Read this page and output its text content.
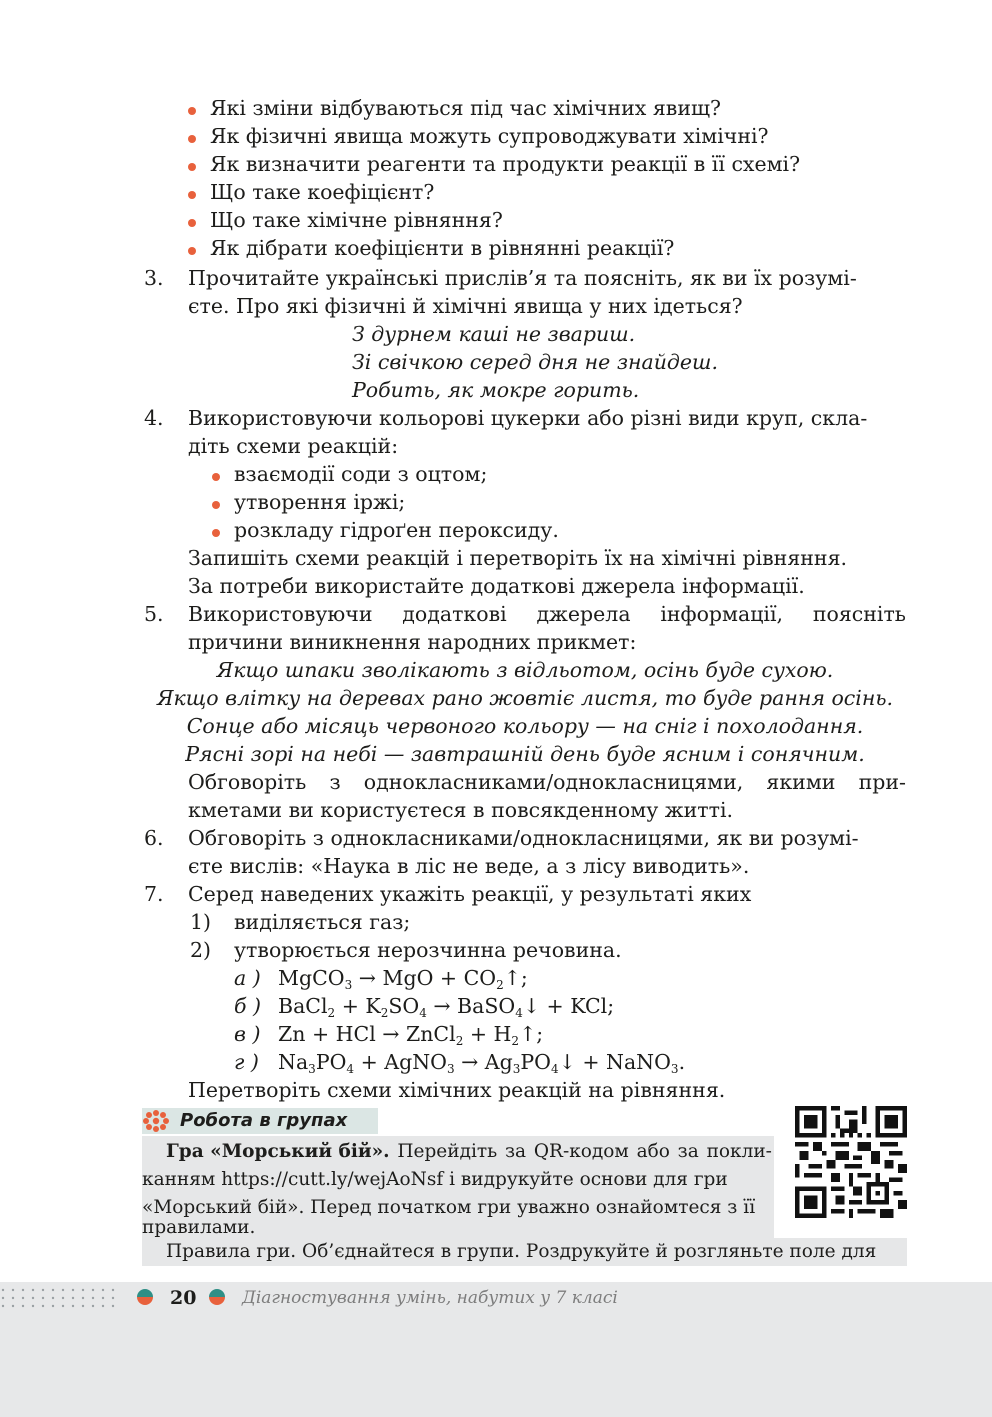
Які зміни відбуваються під час хімічних явищ?
Як фізичні явища можуть супроводжувати хімічні?
Як визначити реагенти та продукти реакції в її схемі?
Що таке коефіцієнт?
Що таке хімічне рівняння?
Як дібрати коефіцієнти в рівнянні реакції?
3. Прочитайте українські прислів’я та поясніть, як ви їх розумі-
єте. Про які фізичні й хімічні явища у них ідеться?
З дурнем каші не звариш.
Зі свічкою серед дня не знайдеш.
Робить, як мокре горить.
4. Використовуючи кольорові цукерки або різні види круп, скла-
діть схеми реакцій:
взаємодії соди з оцтом;
утворення іржі;
розкладу гідроґен пероксиду.
Запишіть схеми реакцій і перетворіть їх на хімічні рівняння.
За потреби використайте додаткові джерела інформації.
5. Використовуючи додаткові джерела інформації, поясніть
причини виникнення народних прикмет:
Якщо шпаки зволікають з відльотом, осінь буде сухою.
Якщо влітку на деревах рано жовтіє листя, то буде рання осінь.
Сонце або місяць червоного кольору — на сніг і похолодання.
Рясні зорі на небі — завтрашній день буде ясним і сонячним.
Обговоріть з однокласниками/однокласницями, якими при-
кметами ви користуєтеся в повсякденному житті.
6. Обговоріть з однокласниками/однокласницями, як ви розумі-
єте вислів: «Наука в ліс не веде, а з лісу виводить».
7. Серед наведених укажіть реакції, у результаті яких
1) виділяється газ;
2) утворюється нерозчинна речовина.
а ) MgCO$_3$ → MgO + $CO_2↑$;
б ) BaCl$_2$ + $K_2SO_4$ → BaSO$_4$↓ + KCl;
в ) Zn + HCl → ZnCl$_2$ + $H_2↑$;
г ) $Na_3PO_4$ + AgNO$_3$ → $Ag_3PO_4↓$ + NaNO$_3$.
Перетворіть схеми хімічних реакцій на рівняння.
Робота в групах
Гра «Морський бій». Перейдіть за QR-кодом або за покли-
канням https://cutt.ly/wejAoNsf і видрукуйте основи для гри
«Морський бій». Перед початком гри уважно ознайомтеся з її
правилами.
Правила гри. Об’єднайтеся в групи. Роздрукуйте й розгляньте поле для
20	Діагностування умінь, набутих у 7 класі
